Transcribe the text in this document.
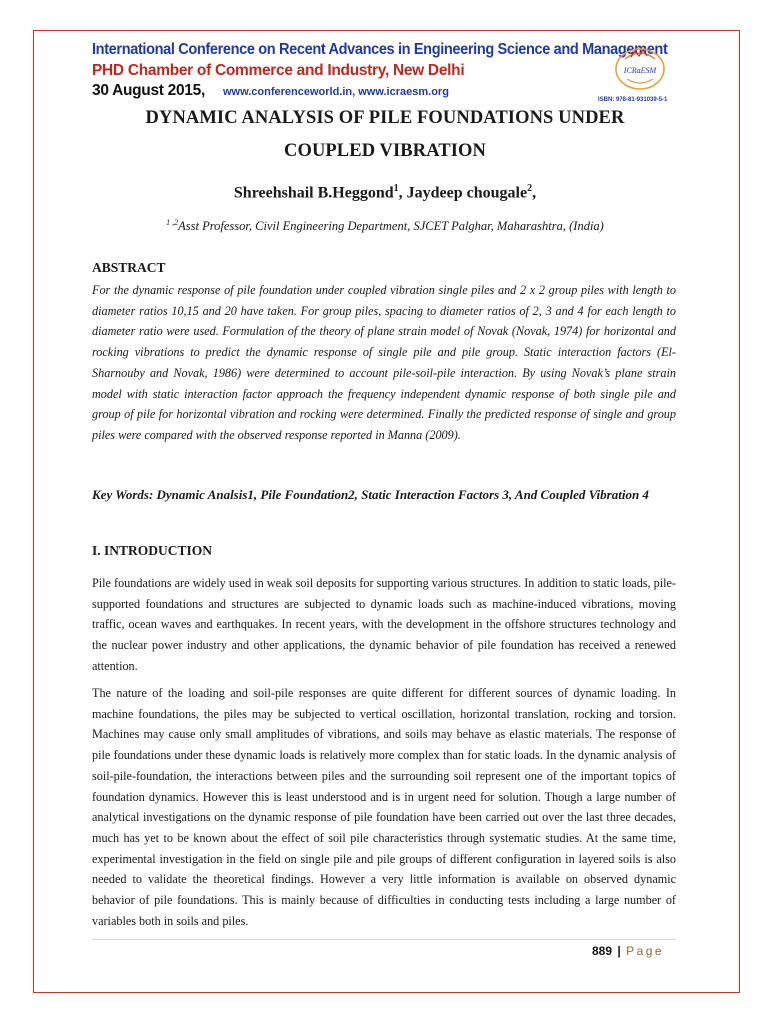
International Conference on Recent Advances in Engineering Science and Management
PHD Chamber of Commerce and Industry, New Delhi
30 August 2015, www.conferenceworld.in, www.icraesm.org
ICRaESM
ISBN: 978-81-931039-5-1
DYNAMIC ANALYSIS OF PILE FOUNDATIONS UNDER
COUPLED VIBRATION
Shreehshail B.Heggond$^1$, Jaydeep chougale$^2$,
$^{1 ,2}$Asst Professor, Civil Engineering Department, SJCET Palghar, Maharashtra, (India)
ABSTRACT
For the dynamic response of pile foundation under coupled vibration single piles and 2 x 2 group piles with length to diameter ratios 10,15 and 20 have taken. For group piles, spacing to diameter ratios of 2, 3 and 4 for each length to diameter ratio were used. Formulation of the theory of plane strain model of Novak (Novak, 1974) for horizontal and rocking vibrations to predict the dynamic response of single pile and pile group. Static interaction factors (El-Sharnouby and Novak, 1986) were determined to account pile-soil-pile interaction. By using Novak’s plane strain model with static interaction factor approach the frequency independent dynamic response of both single pile and group of pile for horizontal vibration and rocking were determined. Finally the predicted response of single and group piles were compared with the observed response reported in Manna (2009).
Key Words: Dynamic Analsis1, Pile Foundation2, Static Interaction Factors 3, And Coupled Vibration 4
I. INTRODUCTION
Pile foundations are widely used in weak soil deposits for supporting various structures. In addition to static loads, pile-supported foundations and structures are subjected to dynamic loads such as machine-induced vibrations, moving traffic, ocean waves and earthquakes. In recent years, with the development in the offshore structures technology and the nuclear power industry and other applications, the dynamic behavior of pile foundation has received a renewed attention.
The nature of the loading and soil-pile responses are quite different for different sources of dynamic loading. In machine foundations, the piles may be subjected to vertical oscillation, horizontal translation, rocking and torsion. Machines may cause only small amplitudes of vibrations, and soils may behave as elastic materials. The response of pile foundations under these dynamic loads is relatively more complex than for static loads. In the dynamic analysis of soil-pile-foundation, the interactions between piles and the surrounding soil represent one of the important topics of foundation dynamics. However this is least understood and is in urgent need for solution. Though a large number of analytical investigations on the dynamic response of pile foundation have been carried out over the last three decades, much has yet to be known about the effect of soil pile characteristics through systematic studies. At the same time, experimental investigation in the field on single pile and pile groups of different configuration in layered soils is also needed to validate the theoretical findings. However a very little information is available on observed dynamic behavior of pile foundations. This is mainly because of difficulties in conducting tests including a large number of variables both in soils and piles.
889 | Page
